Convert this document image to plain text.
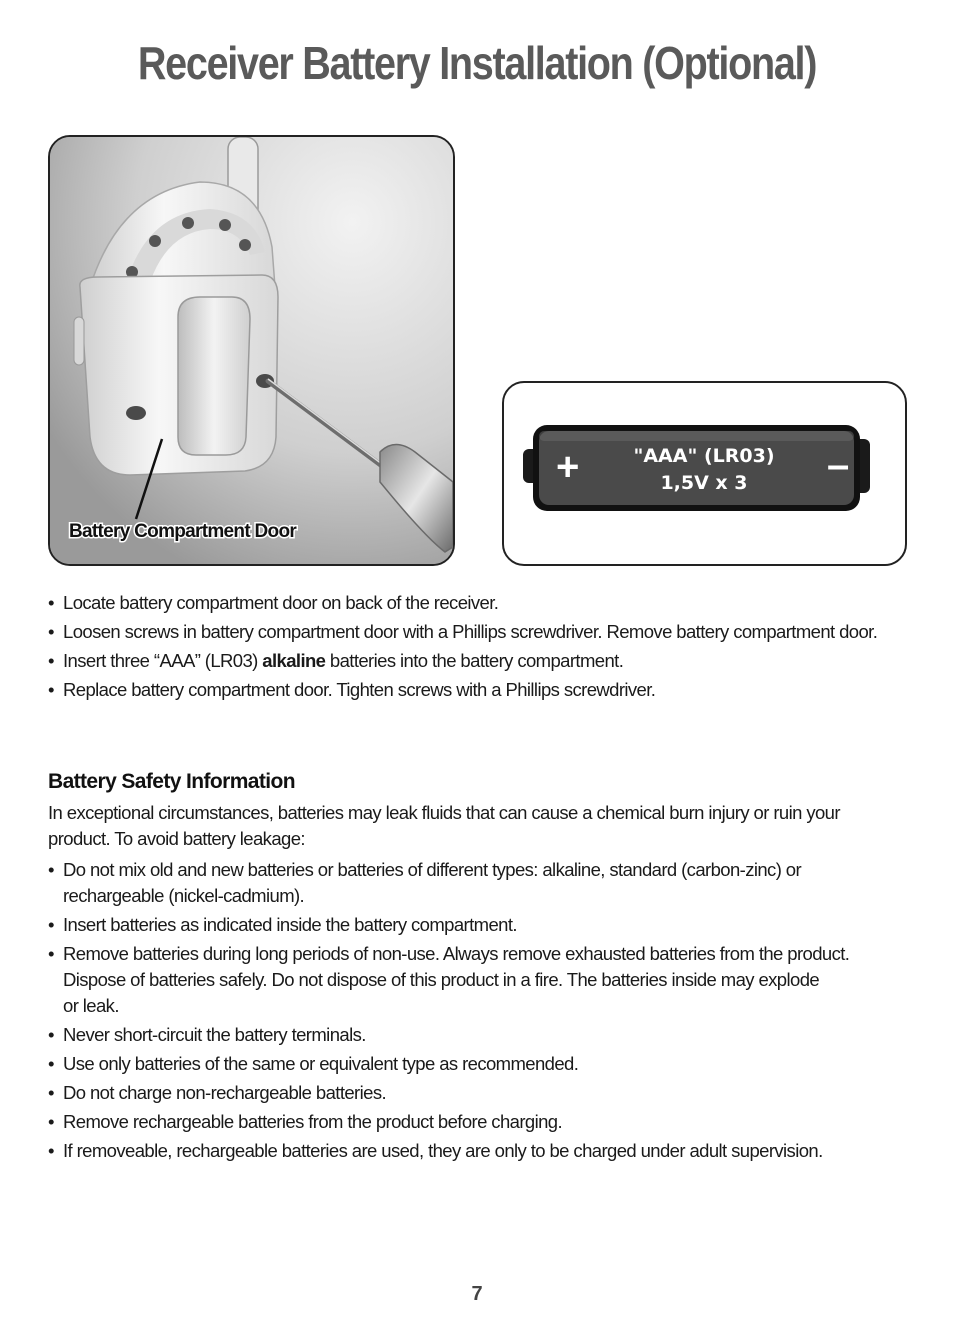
Receiver Battery Installation (Optional)
Battery Compartment Door
+	–
"AAA" (LR03)
1,5V x 3
• Locate battery compartment door on back of the receiver.
• Loosen screws in battery compartment door with a Phillips screwdriver. Remove battery compartment door.
• Insert three “AAA” (LR03) alkaline batteries into the battery compartment.
• Replace battery compartment door. Tighten screws with a Phillips screwdriver.
Battery Safety Information

In exceptional circumstances, batteries may leak fluids that can cause a chemical burn injury or ruin your
product. To avoid battery leakage:

• Do not mix old and new batteries or batteries of different types: alkaline, standard (carbon-zinc) or
rechargeable (nickel-cadmium).
• Insert batteries as indicated inside the battery compartment.
• Remove batteries during long periods of non-use. Always remove exhausted batteries from the product.
Dispose of batteries safely. Do not dispose of this product in a fire. The batteries inside may explode
or leak.
• Never short-circuit the battery terminals.
• Use only batteries of the same or equivalent type as recommended.
• Do not charge non-rechargeable batteries.
• Remove rechargeable batteries from the product before charging.
• If removeable, rechargeable batteries are used, they are only to be charged under adult supervision.
7
